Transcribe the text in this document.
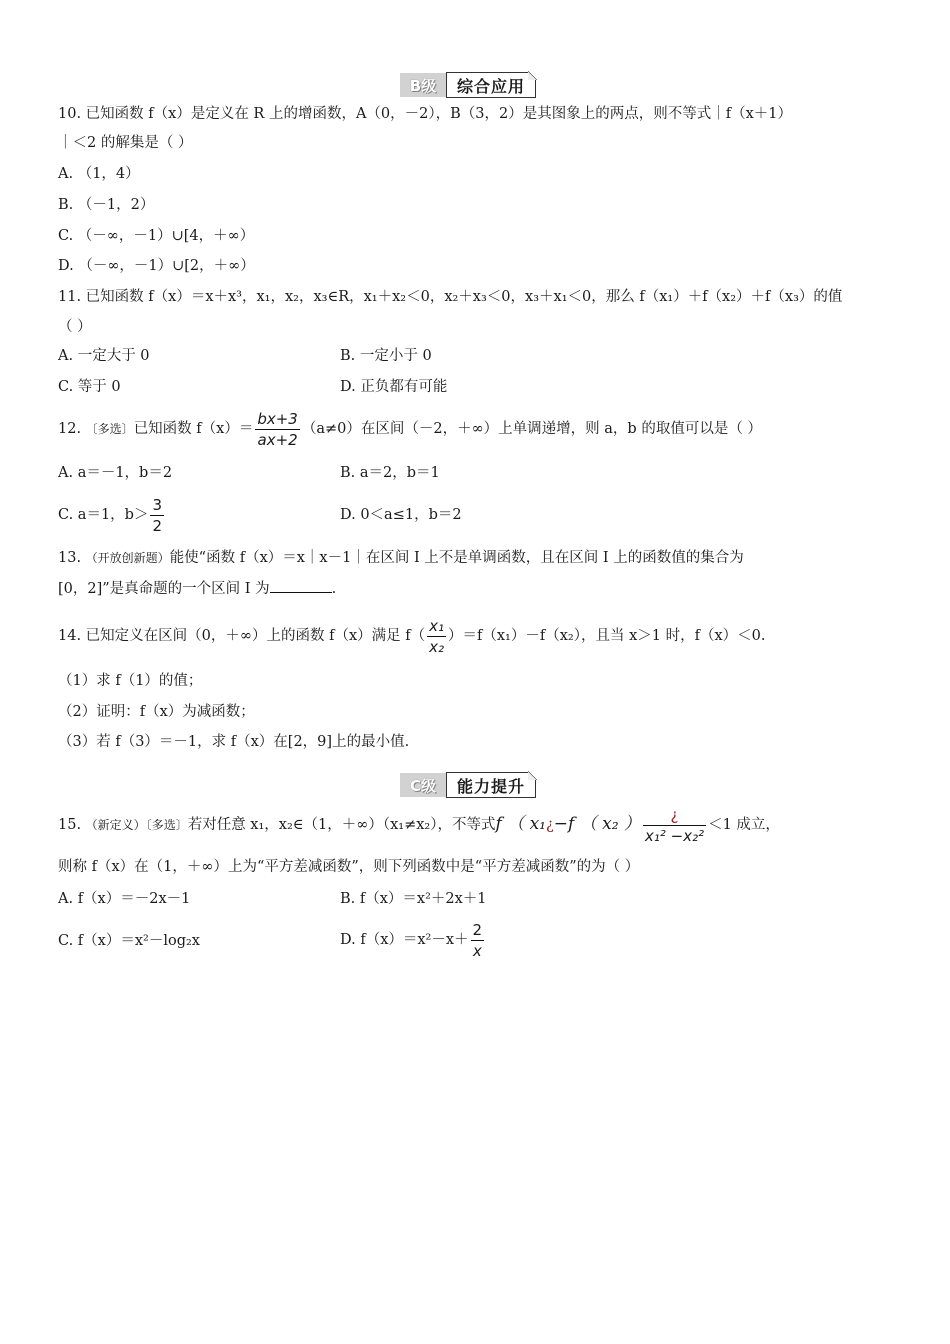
B级	综合应用
10. 已知函数 f（x）是定义在 R 上的增函数，A（0，－2），B（3，2）是其图象上的两点，则不等式｜f（x＋1）
｜＜2 的解集是（ ）
A. （1，4）
B. （－1，2）
C. （－∞，－1）∪[4，＋∞）
D. （－∞，－1）∪[2，＋∞）
11. 已知函数 f（x）＝x＋x³，x₁，x₂，x₃∈R，x₁＋x₂＜0，x₂＋x₃＜0，x₃＋x₁＜0，那么 f（x₁）＋f（x₂）＋f（x₃）的值
（ ）
A. 一定大于 0	B. 一定小于 0
C. 等于 0	D. 正负都有可能
12. 〔多选〕已知函数 $f(x)= \frac{bx+3}{ax+2} (a\ne 0)$在区间（－2，＋∞）上单调递增，则 a，b 的取值可以是（ ）
A. a＝－1，b＝2	B. a＝2，b＝1
C. a＝1，$b> \frac{3}{2}$	D. 0＜a≤1，b＝2
13. （开放创新题）能使“函数 f（x）＝x｜x－1｜在区间 I 上不是单调函数，且在区间 I 上的函数值的集合为
[0，2]”是真命题的一个区间 I 为	.
14. 已知定义在区间（0，＋∞）上的函数 f（x）满足 $f( \frac{\text{x₁}}{\text{x₂}} )=f(x_1)-f(x_2)$，且当 x＞1 时，f（x）＜0.
（1）求 f（1）的值；
（2）证明：f（x）为减函数；
（3）若 f（3）＝－1，求 f（x）在[2，9]上的最小值.
C级	能力提升
15. （新定义）〔多选〕若对任意 x₁，x₂∈（1，＋∞）（x₁≠x₂），不等式f （ x₁¿−f （ x₂ ） $\frac{¿}{\text{x₁² −x₂²}} <1$ 成立，
则称 f（x）在（1，＋∞）上为“平方差减函数”，则下列函数中是“平方差减函数”的为（ ）
A. f（x）＝－2x－1	B. f（x）＝x²＋2x＋1
C. f（x）＝x²－log₂x	D. $f(x)=x^2-x+ \frac{2}{x}$
